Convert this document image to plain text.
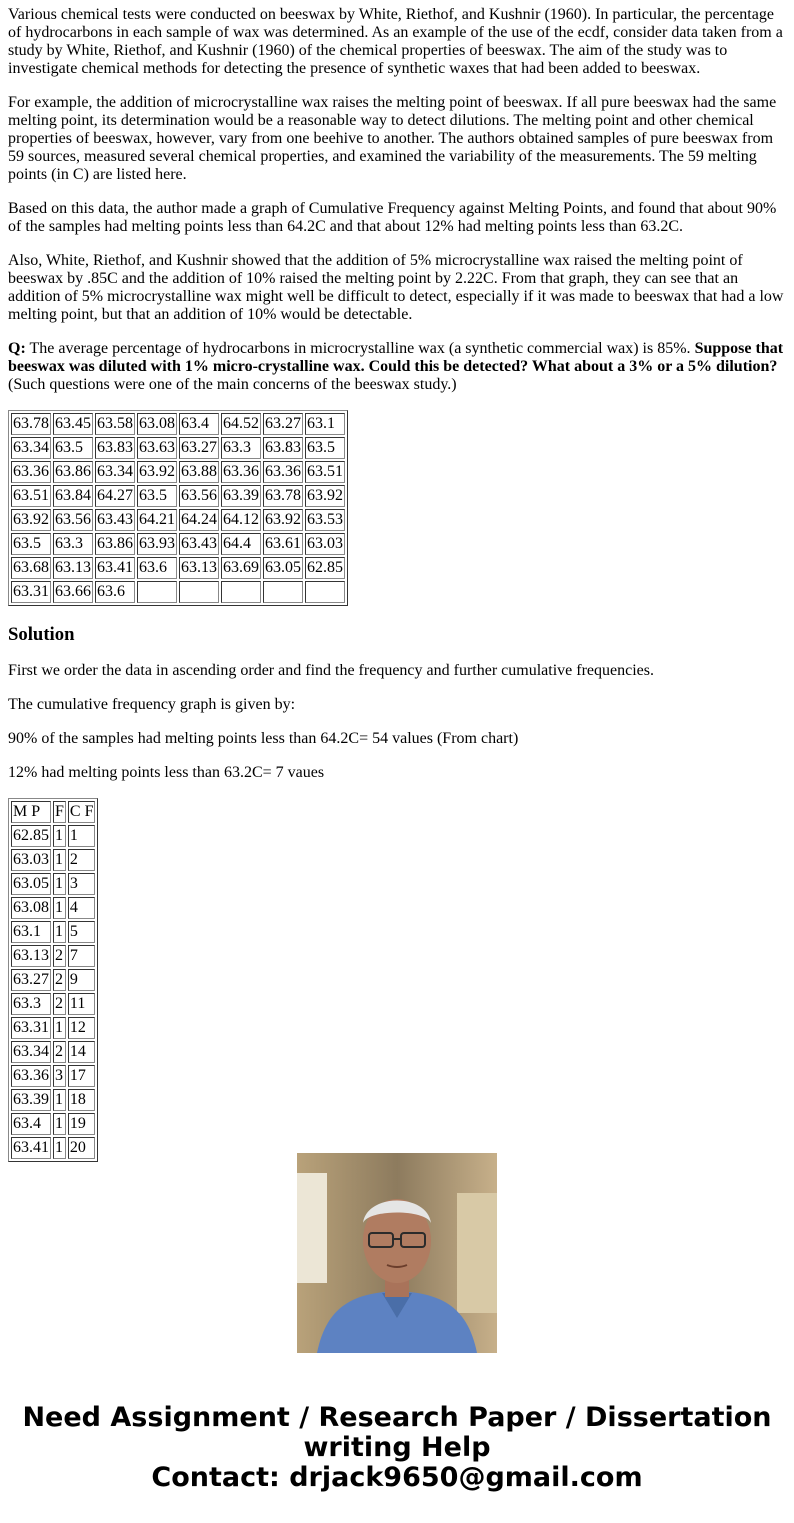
Various chemical tests were conducted on beeswax by White, Riethof, and Kushnir (1960). In particular, the percentage of hydrocarbons in each sample of wax was determined. As an example of the use of the ecdf, consider data taken from a study by White, Riethof, and Kushnir (1960) of the chemical properties of beeswax. The aim of the study was to investigate chemical methods for detecting the presence of synthetic waxes that had been added to beeswax.

For example, the addition of microcrystalline wax raises the melting point of beeswax. If all pure beeswax had the same melting point, its determination would be a reasonable way to detect dilutions. The melting point and other chemical properties of beeswax, however, vary from one beehive to another. The authors obtained samples of pure beeswax from 59 sources, measured several chemical properties, and examined the variability of the measurements. The 59 melting points (in C) are listed here.

Based on this data, the author made a graph of Cumulative Frequency against Melting Points, and found that about 90% of the samples had melting points less than 64.2C and that about 12% had melting points less than 63.2C.

Also, White, Riethof, and Kushnir showed that the addition of 5% microcrystalline wax raised the melting point of beeswax by .85C and the addition of 10% raised the melting point by 2.22C. From that graph, they can see that an addition of 5% microcrystalline wax might well be difficult to detect, especially if it was made to beeswax that had a low melting point, but that an addition of 10% would be detectable.

Q: The average percentage of hydrocarbons in microcrystalline wax (a synthetic commercial wax) is 85%. Suppose that beeswax was diluted with 1% micro-crystalline wax. Could this be detected? What about a 3% or a 5% dilution? (Such questions were one of the main concerns of the beeswax study.)

63.78	63.45	63.58	63.08	63.4	64.52	63.27	63.1
63.34	63.5	63.83	63.63	63.27	63.3	63.83	63.5
63.36	63.86	63.34	63.92	63.88	63.36	63.36	63.51
63.51	63.84	64.27	63.5	63.56	63.39	63.78	63.92
63.92	63.56	63.43	64.21	64.24	64.12	63.92	63.53
63.5	63.3	63.86	63.93	63.43	64.4	63.61	63.03
63.68	63.13	63.41	63.6	63.13	63.69	63.05	62.85
63.31	63.66	63.6					
Solution

First we order the data in ascending order and find the frequency and further cumulative frequencies.

The cumulative frequency graph is given by:

90% of the samples had melting points less than 64.2C= 54 values (From chart)

12% had melting points less than 63.2C= 7 vaues

M P	F	C F
62.85	1	1
63.03	1	2
63.05	1	3
63.08	1	4
63.1	1	5
63.13	2	7
63.27	2	9
63.3	2	11
63.31	1	12
63.34	2	14
63.36	3	17
63.39	1	18
63.4	1	19
63.41	1	20
Need Assignment / Research Paper / Dissertation writing Help
Contact: drjack9650@gmail.com
